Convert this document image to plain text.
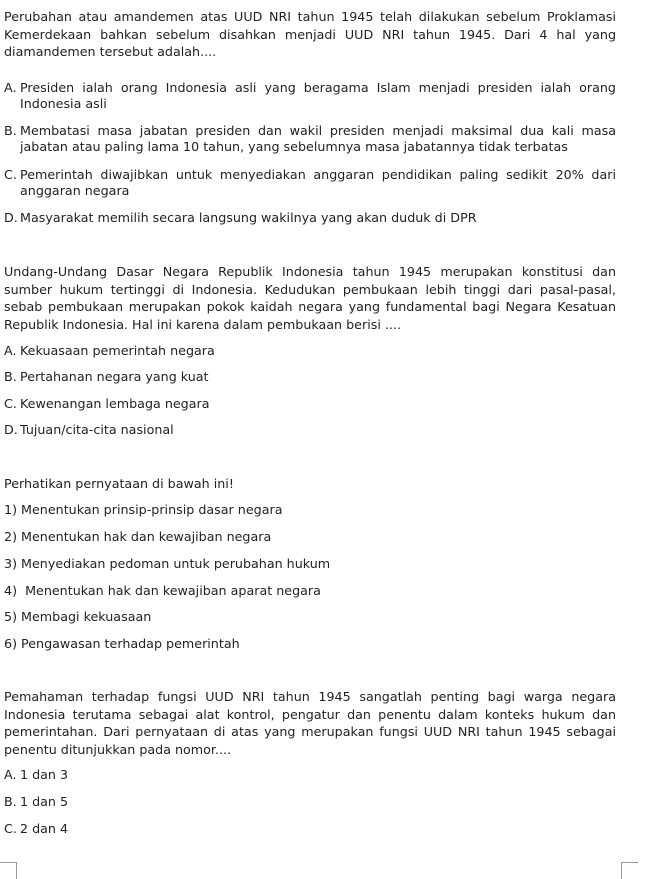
Perubahan atau amandemen atas UUD NRI tahun 1945 telah dilakukan sebelum Proklamasi Kemerdekaan bahkan sebelum disahkan menjadi UUD NRI tahun 1945. Dari 4 hal yang diamandemen tersebut adalah....

A. Presiden ialah orang Indonesia asli yang beragama Islam menjadi presiden ialah orang Indonesia asli
B. Membatasi masa jabatan presiden dan wakil presiden menjadi maksimal dua kali masa jabatan atau paling lama 10 tahun, yang sebelumnya masa jabatannya tidak terbatas
C. Pemerintah diwajibkan untuk menyediakan anggaran pendidikan paling sedikit 20% dari anggaran negara
D. Masyarakat memilih secara langsung wakilnya yang akan duduk di DPR

Undang-Undang Dasar Negara Republik Indonesia tahun 1945 merupakan konstitusi dan sumber hukum tertinggi di Indonesia. Kedudukan pembukaan lebih tinggi dari pasal-pasal, sebab pembukaan merupakan pokok kaidah negara yang fundamental bagi Negara Kesatuan Republik Indonesia. Hal ini karena dalam pembukaan berisi ....

A. Kekuasaan pemerintah negara
B. Pertahanan negara yang kuat
C. Kewenangan lembaga negara
D. Tujuan/cita-cita nasional

Perhatikan pernyataan di bawah ini!

1) Menentukan prinsip-prinsip dasar negara

2) Menentukan hak dan kewajiban negara

3) Menyediakan pedoman untuk perubahan hukum

4)  Menentukan hak dan kewajiban aparat negara

5) Membagi kekuasaan

6) Pengawasan terhadap pemerintah

Pemahaman terhadap fungsi UUD NRI tahun 1945 sangatlah penting bagi warga negara Indonesia terutama sebagai alat kontrol, pengatur dan penentu dalam konteks hukum dan pemerintahan. Dari pernyataan di atas yang merupakan fungsi UUD NRI tahun 1945 sebagai penentu ditunjukkan pada nomor....

A. 1 dan 3
B. 1 dan 5
C. 2 dan 4
